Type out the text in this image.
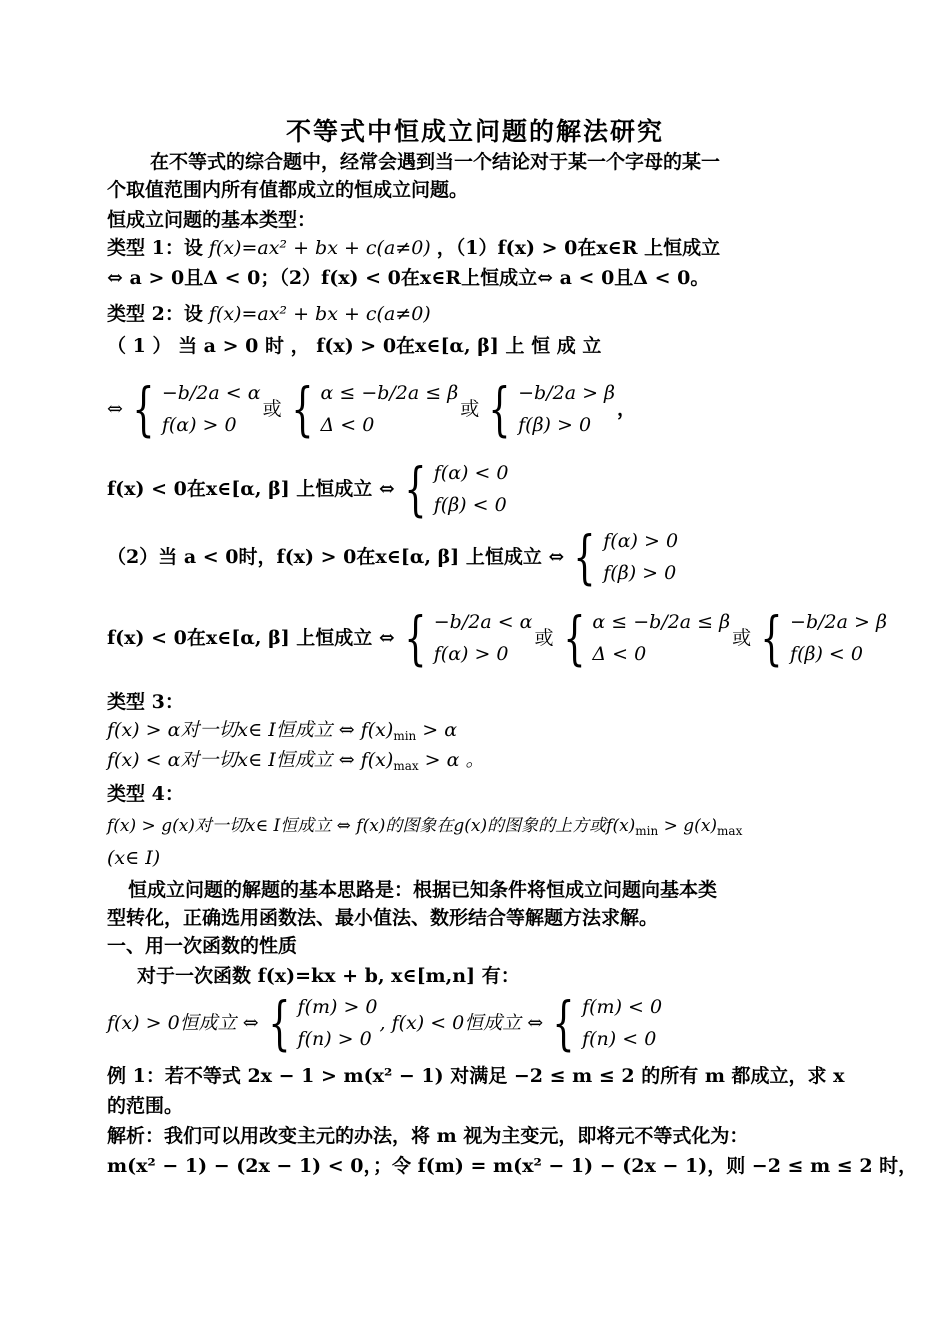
不等式中恒成立问题的解法研究
在不等式的综合题中，经常会遇到当一个结论对于某一个字母的某一
个取值范围内所有值都成立的恒成立问题。
恒成立问题的基本类型：
类型 1：设 f(x)=ax² + bx + c(a≠0) ，（1）f(x) > 0在x∈R 上恒成立
⇔ a > 0且Δ < 0；（2）f(x) < 0在x∈R上恒成立⇔ a < 0且Δ < 0。
类型 2：设 f(x)=ax² + bx + c(a≠0)
（ 1 ） 当 a > 0 时 ， f(x) > 0在x∈[α, β] 上 恒 成 立
⇔ { −b/2a < α
f(α) > 0
或 { α ≤ −b/2a ≤ β
Δ < 0
或 { −b/2a > β
f(β) > 0
，
f(x) < 0在x∈[α, β] 上恒成立 ⇔ { f(α) < 0
f(β) < 0
（2）当 a < 0时，f(x) > 0在x∈[α, β] 上恒成立 ⇔ { f(α) > 0
f(β) > 0
f(x) < 0在x∈[α, β] 上恒成立 ⇔ { −b/2a < α
f(α) > 0
或 { α ≤ −b/2a ≤ β
Δ < 0
或 { −b/2a > β
f(β) < 0
类型 3：
f(x) > α对一切x∈ I恒成立 ⇔ $f(x)_{min} > \alpha$
f(x) < α对一切x∈ I恒成立 ⇔ $f(x)_{max} > \alpha$ 。
类型 4：
f(x) > g(x)对一切x∈ I恒成立 ⇔ f(x)的图象在g(x)的图象的上方或$f(x)_{min} > g(x)_{max}$
(x∈ I)
恒成立问题的解题的基本思路是：根据已知条件将恒成立问题向基本类
型转化，正确选用函数法、最小值法、数形结合等解题方法求解。
一、用一次函数的性质
对于一次函数 f(x)=kx + b, x∈[m,n] 有：
f(x) > 0恒成立 ⇔ { f(m) > 0
f(n) > 0
, f(x) < 0恒成立 ⇔ { f(m) < 0
f(n) < 0
例 1：若不等式 2x − 1 > m(x² − 1) 对满足 −2 ≤ m ≤ 2 的所有 m 都成立，求 x
的范围。
解析：我们可以用改变主元的办法，将 m 视为主变元，即将元不等式化为：
m(x² − 1) − (2x − 1) < 0，；令 f(m) = m(x² − 1) − (2x − 1)，则 −2 ≤ m ≤ 2 时，
